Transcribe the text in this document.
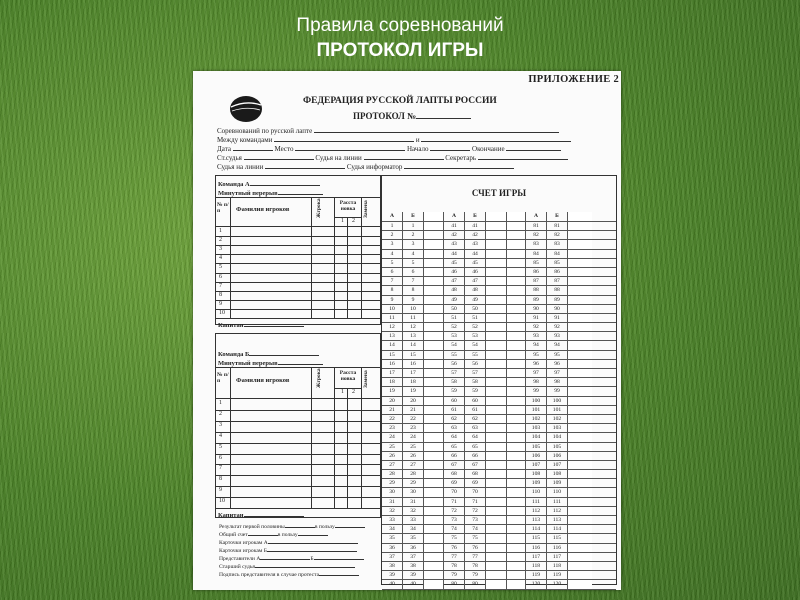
Правила соревнований
ПРОТОКОЛ ИГРЫ
ПРИЛОЖЕНИЕ 2
ФЕДЕРАЦИЯ РУССКОЙ ЛАПТЫ РОССИИ
ПРОТОКОЛ №
Соревнований по русской лапте
Между командами	и
Дата	Место	Начало	Окончание
Ст.судья	Судья на линии	Секретарь
Судья на линии	Судья информатор
Команда А
Минутный перерыв
№ п/п	Фамилия игроков	Жгрока	Расста новка	Замена
1 2
1
2
3
4
5
6
7
8
9
10
Капитан
Команда Б
Минутный перерыв
№ п/п	Фамилия игроков	Жгрока	Расста новка	Замена
1 2
1
2
3
4
5
6
7
8
9
10
Капитан
СЧЕТ ИГРЫ
А	Б	А	Б	А	Б
1	1	41	41	81	81
2	2	42	42	82	82
3	3	43	43	83	83
4	4	44	44	84	84
5	5	45	45	85	85
6	6	46	46	86	86
7	7	47	47	87	87
8	8	48	48	88	88
9	9	49	49	89	89
10	10	50	50	90	90
11	11	51	51	91	91
12	12	52	52	92	92
13	13	53	53	93	93
14	14	54	54	94	94
15	15	55	55	95	95
16	16	56	56	96	96
17	17	57	57	97	97
18	18	58	58	98	98
19	19	59	59	99	99
20	20	60	60	100	100
21	21	61	61	101	101
22	22	62	62	102	102
23	23	63	63	103	103
24	24	64	64	104	104
25	25	65	65	105	105
26	26	66	66	106	106
27	27	67	67	107	107
28	28	68	68	108	108
29	29	69	69	109	109
30	30	70	70	110	110
31	31	71	71	111	111
32	32	72	72	112	112
33	33	73	73	113	113
34	34	74	74	114	114
35	35	75	75	115	115
36	36	76	76	116	116
37	37	77	77	117	117
38	38	78	78	118	118
39	39	79	79	119	119
40	40	80	80	120	120
Результат первой половины	в пользу
Общий счет	в пользу
Карточки игрокам А
Карточки игрокам Б
Представители А	Б
Старший судья
Подпись представителя в случае протеста
